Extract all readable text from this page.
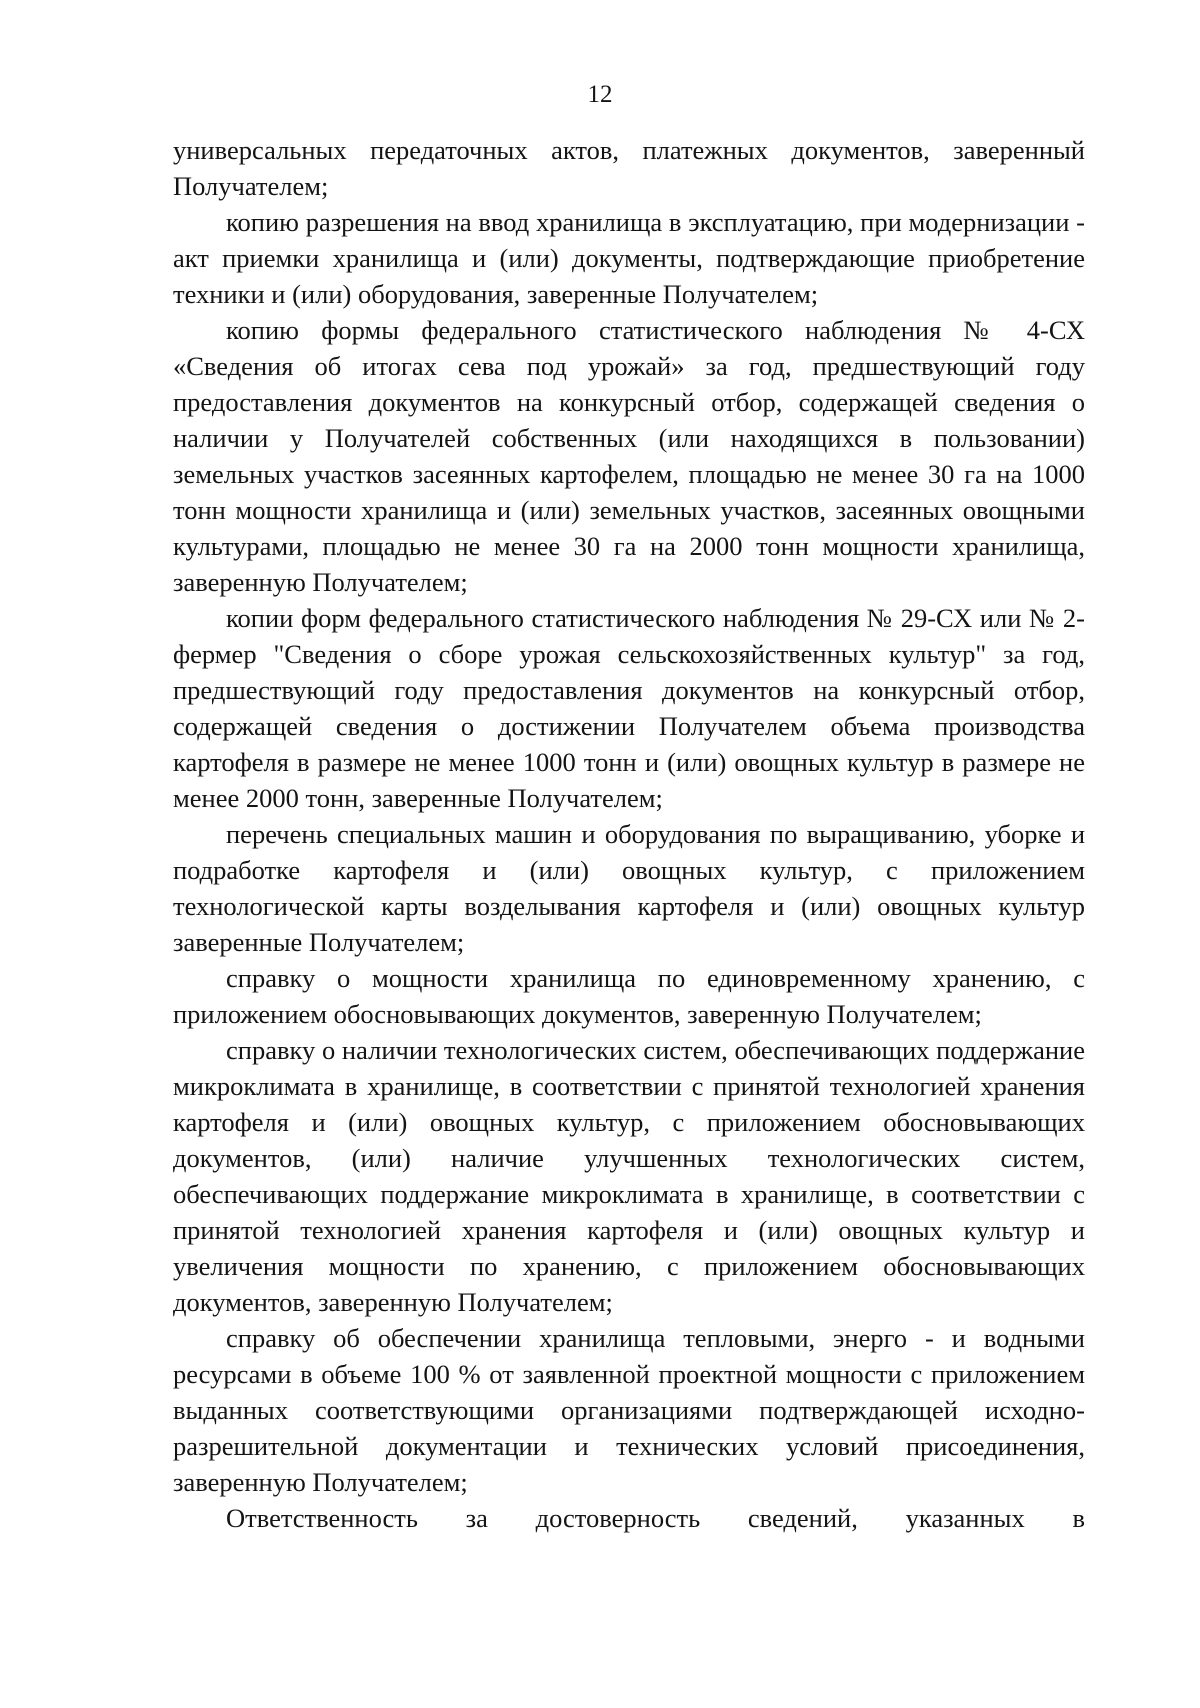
12

универсальных передаточных актов, платежных документов, заверенный Получателем;

копию разрешения на ввод хранилища в эксплуатацию, при модернизации - акт приемки хранилища и (или) документы, подтверждающие приобретение техники и (или) оборудования, заверенные Получателем;

копию формы федерального статистического наблюдения № 4-СХ «Сведения об итогах сева под урожай» за год, предшествующий году предоставления документов на конкурсный отбор, содержащей сведения о наличии у Получателей собственных (или находящихся в пользовании) земельных участков засеянных картофелем, площадью не менее 30 га на 1000 тонн мощности хранилища и (или) земельных участков, засеянных овощными культурами, площадью не менее 30 га на 2000 тонн мощности хранилища, заверенную Получателем;

копии форм федерального статистического наблюдения № 29-СХ или № 2-фермер "Сведения о сборе урожая сельскохозяйственных культур" за год, предшествующий году предоставления документов на конкурсный отбор, содержащей сведения о достижении Получателем объема производства картофеля в размере не менее 1000 тонн и (или) овощных культур в размере не менее 2000 тонн, заверенные Получателем;

перечень специальных машин и оборудования по выращиванию, уборке и подработке картофеля и (или) овощных культур, с приложением технологической карты возделывания картофеля и (или) овощных культур заверенные Получателем;

справку о мощности хранилища по единовременному хранению, с приложением обосновывающих документов, заверенную Получателем;

справку о наличии технологических систем, обеспечивающих поддержание микроклимата в хранилище, в соответствии с принятой технологией хранения картофеля и (или) овощных культур, с приложением обосновывающих документов, (или) наличие улучшенных технологических систем, обеспечивающих поддержание микроклимата в хранилище, в соответствии с принятой технологией хранения картофеля и (или) овощных культур и увеличения мощности по хранению, с приложением обосновывающих документов, заверенную Получателем;

справку об обеспечении хранилища тепловыми, энерго - и водными ресурсами в объеме 100 % от заявленной проектной мощности с приложением выданных соответствующими организациями подтверждающей исходно-разрешительной документации и технических условий присоединения, заверенную Получателем;

Ответственность за достоверность сведений, указанных в
